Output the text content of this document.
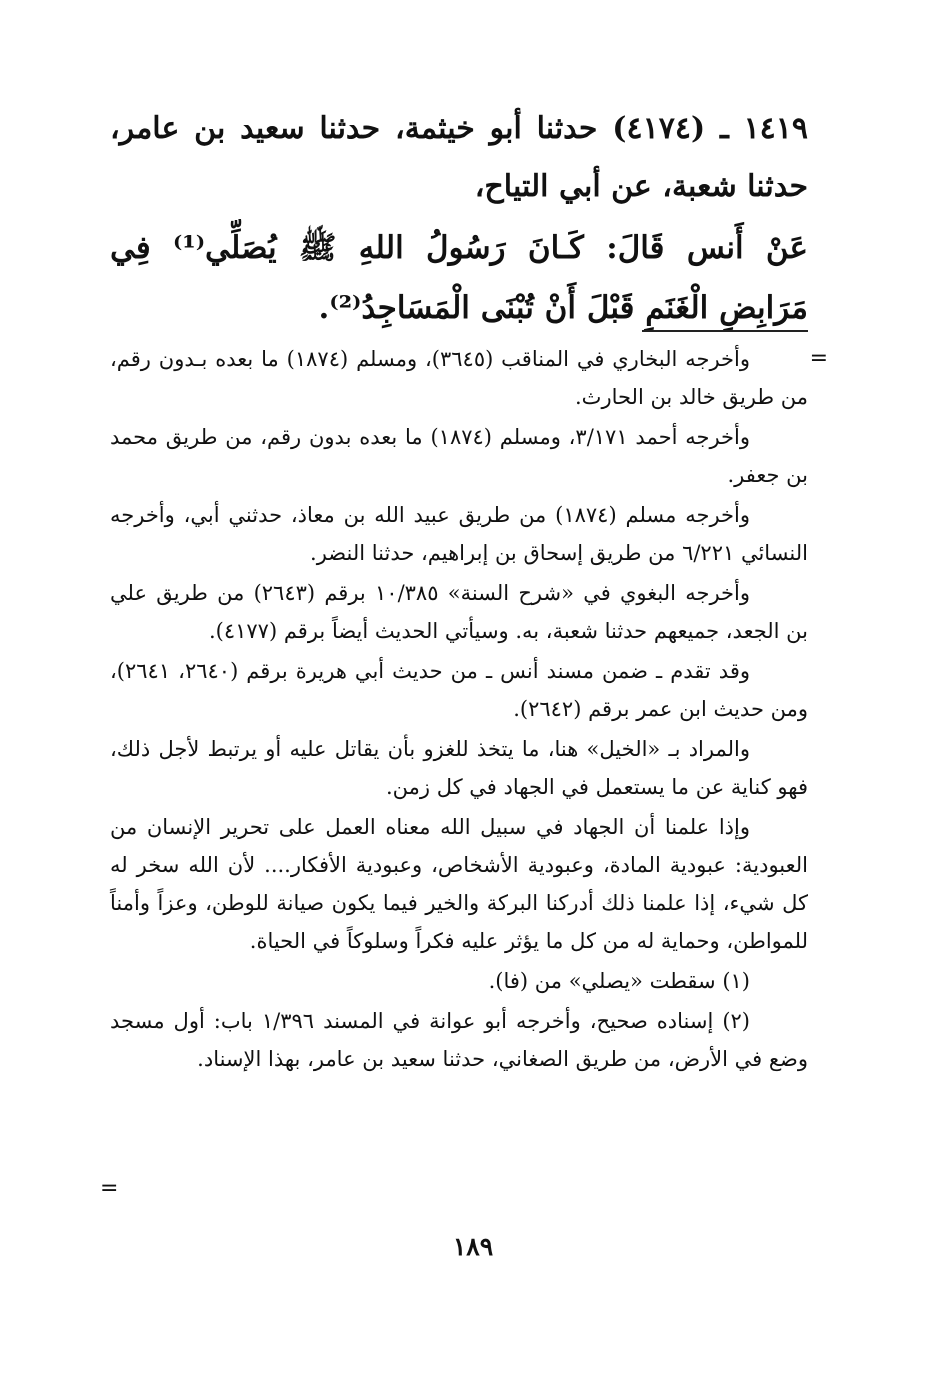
١٤١٩ ـ (٤١٧٤) حدثنا أبو خيثمة، حدثنا سعيد بن عامر، حدثنا شعبة، عن أبي التياح،
عَنْ أَنس قَالَ: كَـانَ رَسُولُ اللهِ ﷺ يُصَلِّي⁽¹⁾ فِي مَرَابِضِ الْغَنَمِ قَبْلَ أَنْ تُبْنَى الْمَسَاجِدُ⁽²⁾.
=

وأخرجه البخاري في المناقب (٣٦٤٥)، ومسلم (١٨٧٤) ما بعده بـدون رقم، من طريق خالد بن الحارث.

وأخرجه أحمد ٣/١٧١، ومسلم (١٨٧٤) ما بعده بدون رقم، من طريق محمد بن جعفر.

وأخرجه مسلم (١٨٧٤) من طريق عبيد الله بن معاذ، حدثني أبي، وأخرجه النسائي ٦/٢٢١ من طريق إسحاق بن إبراهيم، حدثنا النضر.

وأخرجه البغوي في «شرح السنة» ١٠/٣٨٥ برقم (٢٦٤٣) من طريق علي بن الجعد، جميعهم حدثنا شعبة، به. وسيأتي الحديث أيضاً برقم (٤١٧٧).

وقد تقدم ـ ضمن مسند أنس ـ من حديث أبي هريرة برقم (٢٦٤٠، ٢٦٤١)، ومن حديث ابن عمر برقم (٢٦٤٢).

والمراد بـ «الخيل» هنا، ما يتخذ للغزو بأن يقاتل عليه أو يرتبط لأجل ذلك، فهو كناية عن ما يستعمل في الجهاد في كل زمن.

وإذا علمنا أن الجهاد في سبيل الله معناه العمل على تحرير الإنسان من العبودية: عبودية المادة، وعبودية الأشخاص، وعبودية الأفكار.... لأن الله سخر له كل شيء، إذا علمنا ذلك أدركنا البركة والخير فيما يكون صيانة للوطن، وعزاً وأمناً للمواطن، وحماية له من كل ما يؤثر عليه فكراً وسلوكاً في الحياة.

(١) سقطت «يصلي» من (فا).

(٢) إسناده صحيح، وأخرجه أبو عوانة في المسند ١/٣٩٦ باب: أول مسجد وضع في الأرض، من طريق الصغاني، حدثنا سعيد بن عامر، بهذا الإسناد.

=
١٨٩
